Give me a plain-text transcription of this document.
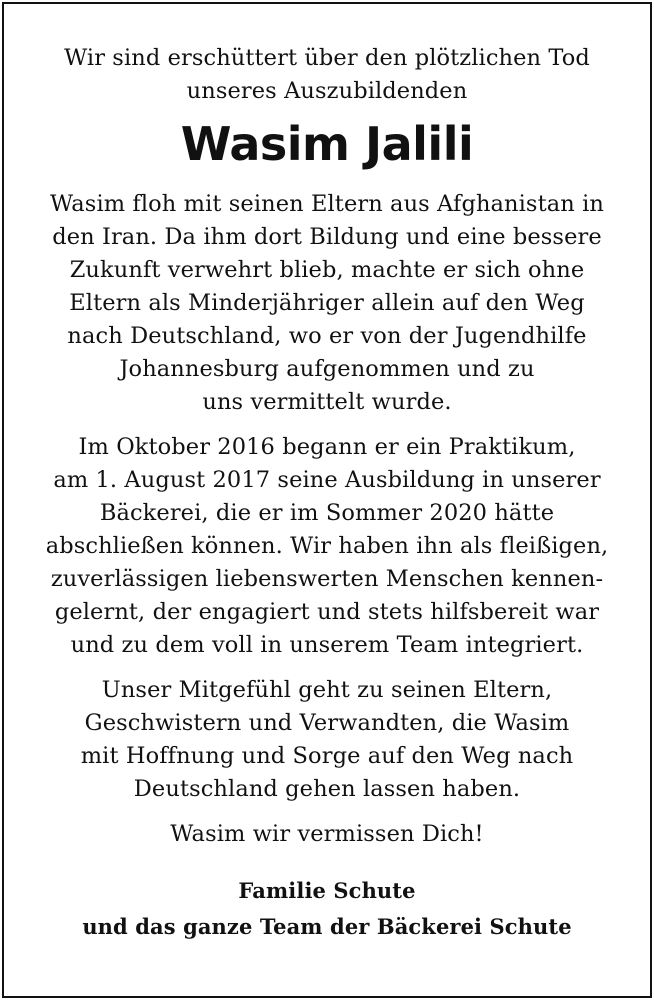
Wir sind erschüttert über den plötzlichen Tod
unseres Auszubildenden
Wasim Jalili
Wasim floh mit seinen Eltern aus Afghanistan in
den Iran. Da ihm dort Bildung und eine bessere
Zukunft verwehrt blieb, machte er sich ohne
Eltern als Minderjähriger allein auf den Weg
nach Deutschland, wo er von der Jugendhilfe
Johannesburg aufgenommen und zu
uns vermittelt wurde.
Im Oktober 2016 begann er ein Praktikum,
am 1. August 2017 seine Ausbildung in unserer
Bäckerei, die er im Sommer 2020 hätte
abschließen können. Wir haben ihn als fleißigen,
zuverlässigen liebenswerten Menschen kennen-
gelernt, der engagiert und stets hilfsbereit war
und zu dem voll in unserem Team integriert.
Unser Mitgefühl geht zu seinen Eltern,
Geschwistern und Verwandten, die Wasim
mit Hoffnung und Sorge auf den Weg nach
Deutschland gehen lassen haben.
Wasim wir vermissen Dich!
Familie Schute
und das ganze Team der Bäckerei Schute
